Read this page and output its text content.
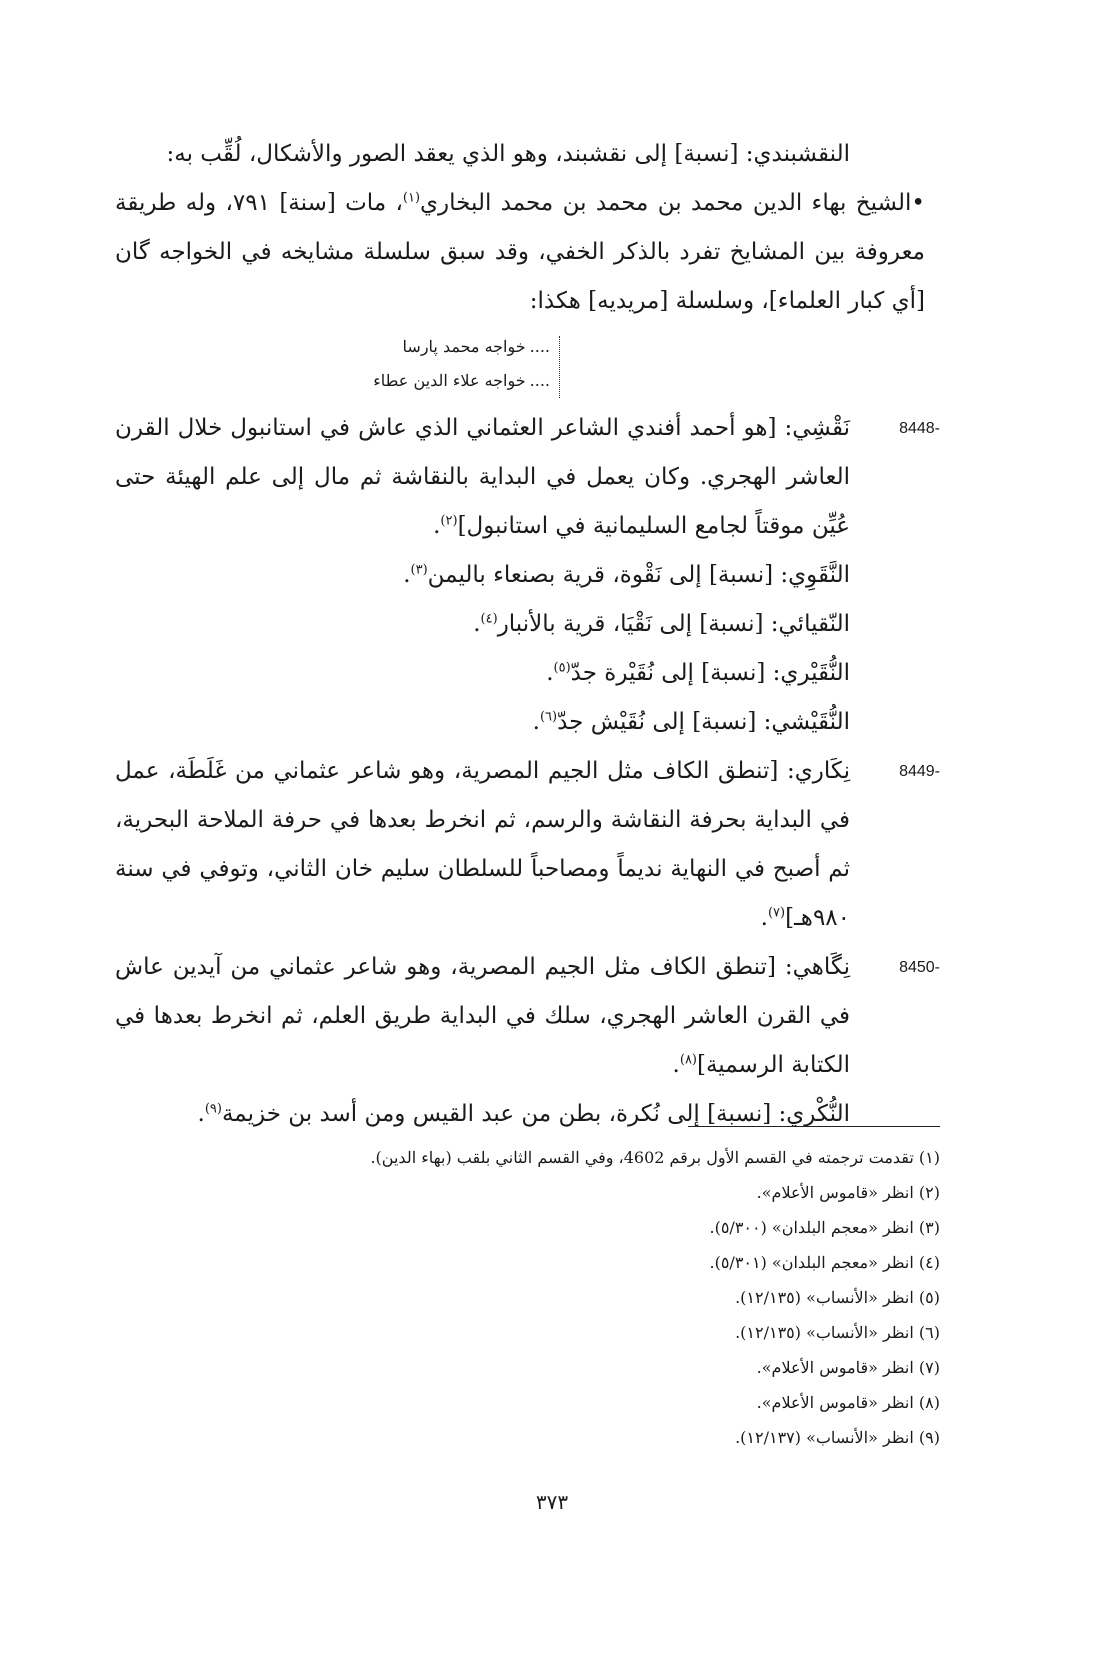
النقشبندي: [نسبة] إلى نقشبند، وهو الذي يعقد الصور والأشكال، لُقِّب به:

•الشيخ بهاء الدين محمد بن محمد بن محمد البخاري$^{(١)}$، مات [سنة] ٧٩١، وله طريقة معروفة بين المشايخ تفرد بالذكر الخفي، وقد سبق سلسلة مشايخه في الخواجه گان [أي كبار العلماء]، وسلسلة [مريديه] هكذا:

.... خواجه محمد پارسا
.... خواجه علاء الدين عطاء

8448-
نَقْشِي: [هو أحمد أفندي الشاعر العثماني الذي عاش في استانبول خلال القرن العاشر الهجري. وكان يعمل في البداية بالنقاشة ثم مال إلى علم الهيئة حتى عُيِّن موقتاً لجامع السليمانية في استانبول]$^{(٢)}$.

النَّقَوِي: [نسبة] إلى نَقْوة، قرية بصنعاء باليمن$^{(٣)}$.

النّقيائي: [نسبة] إلى نَقْيَا، قرية بالأنبار$^{(٤)}$.

النُّقَيْري: [نسبة] إلى نُقَيْرة جدّ$^{(٥)}$.

النُّقَيْشي: [نسبة] إلى نُقَيْش جدّ$^{(٦)}$.

8449-
نِكَاري: [تنطق الكاف مثل الجيم المصرية، وهو شاعر عثماني من غَلَطَة، عمل في البداية بحرفة النقاشة والرسم، ثم انخرط بعدها في حرفة الملاحة البحرية، ثم أصبح في النهاية نديماً ومصاحباً للسلطان سليم خان الثاني، وتوفي في سنة ٩٨٠هـ]$^{(٧)}$.

8450-
نِگَاهي: [تنطق الكاف مثل الجيم المصرية، وهو شاعر عثماني من آيدين عاش في القرن العاشر الهجري، سلك في البداية طريق العلم، ثم انخرط بعدها في الكتابة الرسمية]$^{(٨)}$.

النُّكْري: [نسبة] إلى نُكرة، بطن من عبد القيس ومن أسد بن خزيمة$^{(٩)}$.

(١) تقدمت ترجمته في القسم الأول برقم 4602، وفي القسم الثاني بلقب (بهاء الدين).

(٢) انظر «قاموس الأعلام».

(٣) انظر «معجم البلدان» (٥/٣٠٠).

(٤) انظر «معجم البلدان» (٥/٣٠١).

(٥) انظر «الأنساب» (١٢/١٣٥).

(٦) انظر «الأنساب» (١٢/١٣٥).

(٧) انظر «قاموس الأعلام».

(٨) انظر «قاموس الأعلام».

(٩) انظر «الأنساب» (١٢/١٣٧).

٣٧٣
